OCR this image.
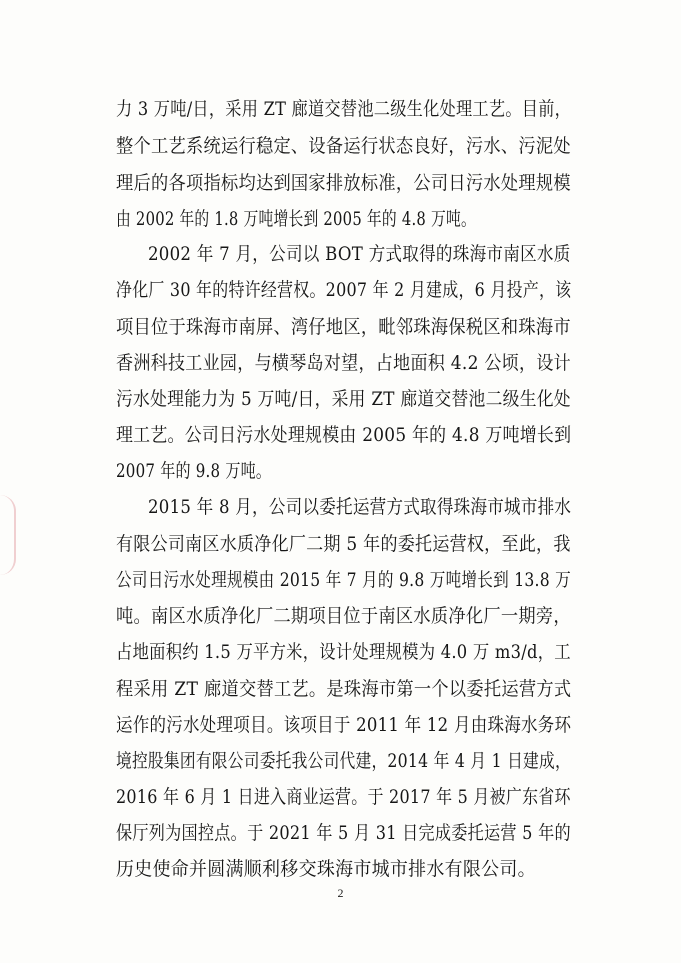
力 3 万吨/日，采用 ZT 廊道交替池二级生化处理工艺。目前，
整个工艺系统运行稳定、设备运行状态良好，污水、污泥处
理后的各项指标均达到国家排放标准，公司日污水处理规模
由 2002 年的 1.8 万吨增长到 2005 年的 4.8 万吨。
2002 年 7 月，公司以 BOT 方式取得的珠海市南区水质
净化厂 30 年的特许经营权。2007 年 2 月建成，6 月投产，该
项目位于珠海市南屏、湾仔地区，毗邻珠海保税区和珠海市
香洲科技工业园，与横琴岛对望，占地面积 4.2 公顷，设计
污水处理能力为 5 万吨/日，采用 ZT 廊道交替池二级生化处
理工艺。公司日污水处理规模由 2005 年的 4.8 万吨增长到
2007 年的 9.8 万吨。
2015 年 8 月，公司以委托运营方式取得珠海市城市排水
有限公司南区水质净化厂二期 5 年的委托运营权，至此，我
公司日污水处理规模由 2015 年 7 月的 9.8 万吨增长到 13.8 万
吨。南区水质净化厂二期项目位于南区水质净化厂一期旁，
占地面积约 1.5 万平方米，设计处理规模为 4.0 万 m3/d，工
程采用 ZT 廊道交替工艺。是珠海市第一个以委托运营方式
运作的污水处理项目。该项目于 2011 年 12 月由珠海水务环
境控股集团有限公司委托我公司代建，2014 年 4 月 1 日建成，
2016 年 6 月 1 日进入商业运营。于 2017 年 5 月被广东省环
保厅列为国控点。于 2021 年 5 月 31 日完成委托运营 5 年的
历史使命并圆满顺利移交珠海市城市排水有限公司。
2
